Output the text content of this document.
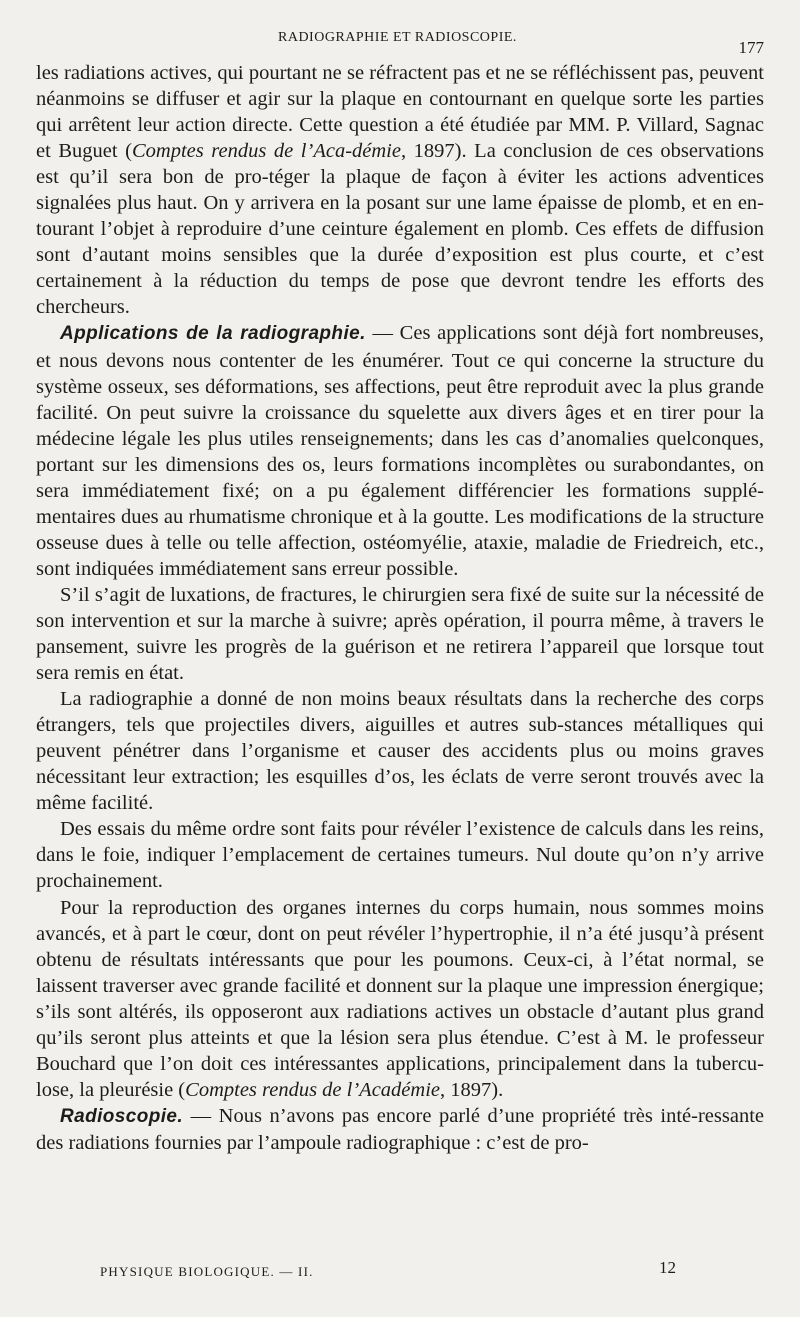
RADIOGRAPHIE ET RADIOSCOPIE.
177

les radiations actives, qui pourtant ne se réfractent pas et ne se réfléchissent pas, peuvent néanmoins se diffuser et agir sur la plaque en contournant en quelque sorte les parties qui arrêtent leur action directe. Cette question a été étudiée par MM. P. Villard, Sagnac et Buguet (Comptes rendus de l’Aca-démie, 1897). La conclusion de ces observations est qu’il sera bon de pro-téger la plaque de façon à éviter les actions adventices signalées plus haut. On y arrivera en la posant sur une lame épaisse de plomb, et en en-tourant l’objet à reproduire d’une ceinture également en plomb. Ces effets de diffusion sont d’autant moins sensibles que la durée d’exposition est plus courte, et c’est certainement à la réduction du temps de pose que devront tendre les efforts des chercheurs.

Applications de la radiographie. — Ces applications sont déjà fort nombreuses, et nous devons nous contenter de les énumérer. Tout ce qui concerne la structure du système osseux, ses déformations, ses affections, peut être reproduit avec la plus grande facilité. On peut suivre la croissance du squelette aux divers âges et en tirer pour la médecine légale les plus utiles renseignements; dans les cas d’anomalies quelconques, portant sur les dimensions des os, leurs formations incomplètes ou surabondantes, on sera immédiatement fixé; on a pu également différencier les formations supplé-mentaires dues au rhumatisme chronique et à la goutte. Les modifications de la structure osseuse dues à telle ou telle affection, ostéomyélie, ataxie, maladie de Friedreich, etc., sont indiquées immédiatement sans erreur possible.

S’il s’agit de luxations, de fractures, le chirurgien sera fixé de suite sur la nécessité de son intervention et sur la marche à suivre; après opération, il pourra même, à travers le pansement, suivre les progrès de la guérison et ne retirera l’appareil que lorsque tout sera remis en état.

La radiographie a donné de non moins beaux résultats dans la recherche des corps étrangers, tels que projectiles divers, aiguilles et autres sub-stances métalliques qui peuvent pénétrer dans l’organisme et causer des accidents plus ou moins graves nécessitant leur extraction; les esquilles d’os, les éclats de verre seront trouvés avec la même facilité.

Des essais du même ordre sont faits pour révéler l’existence de calculs dans les reins, dans le foie, indiquer l’emplacement de certaines tumeurs. Nul doute qu’on n’y arrive prochainement.

Pour la reproduction des organes internes du corps humain, nous sommes moins avancés, et à part le cœur, dont on peut révéler l’hypertrophie, il n’a été jusqu’à présent obtenu de résultats intéressants que pour les poumons. Ceux-ci, à l’état normal, se laissent traverser avec grande facilité et donnent sur la plaque une impression énergique; s’ils sont altérés, ils opposeront aux radiations actives un obstacle d’autant plus grand qu’ils seront plus atteints et que la lésion sera plus étendue. C’est à M. le professeur Bouchard que l’on doit ces intéressantes applications, principalement dans la tubercu-lose, la pleurésie (Comptes rendus de l’Académie, 1897).

Radioscopie. — Nous n’avons pas encore parlé d’une propriété très inté-ressante des radiations fournies par l’ampoule radiographique : c’est de pro-

PHYSIQUE BIOLOGIQUE. — II.	12
